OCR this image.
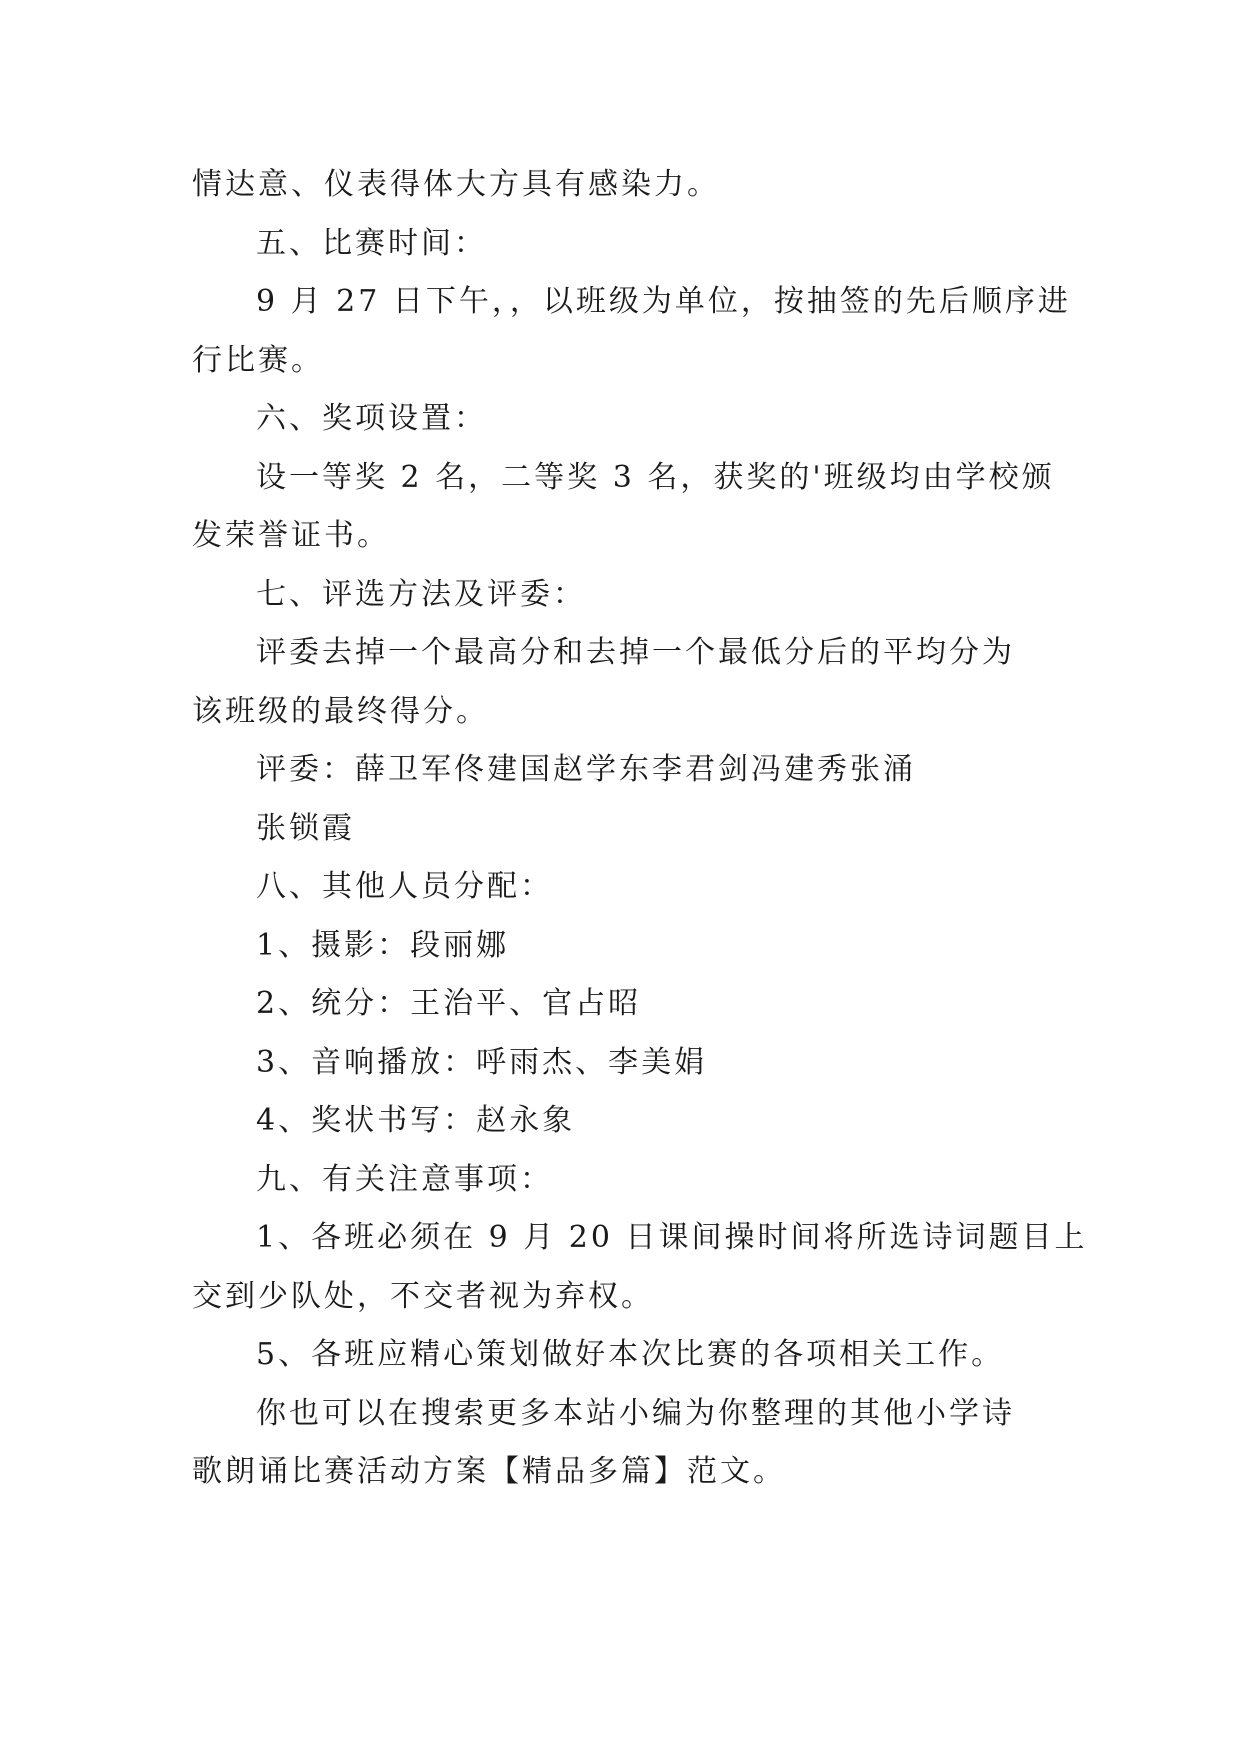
情达意、仪表得体大方具有感染力。

五、比赛时间：

9 月 27 日下午，，以班级为单位，按抽签的先后顺序进

行比赛。

六、奖项设置：

设一等奖 2 名，二等奖 3 名，获奖的'班级均由学校颁

发荣誉证书。

七、评选方法及评委：

评委去掉一个最高分和去掉一个最低分后的平均分为

该班级的最终得分。

评委：薛卫军佟建国赵学东李君剑冯建秀张涌

张锁霞

八、其他人员分配：

1、摄影：段丽娜

2、统分：王治平、官占昭

3、音响播放：呼雨杰、李美娟

4、奖状书写：赵永象

九、有关注意事项：

1、各班必须在 9 月 20 日课间操时间将所选诗词题目上

交到少队处，不交者视为弃权。

5、各班应精心策划做好本次比赛的各项相关工作。

你也可以在搜索更多本站小编为你整理的其他小学诗

歌朗诵比赛活动方案【精品多篇】范文。
